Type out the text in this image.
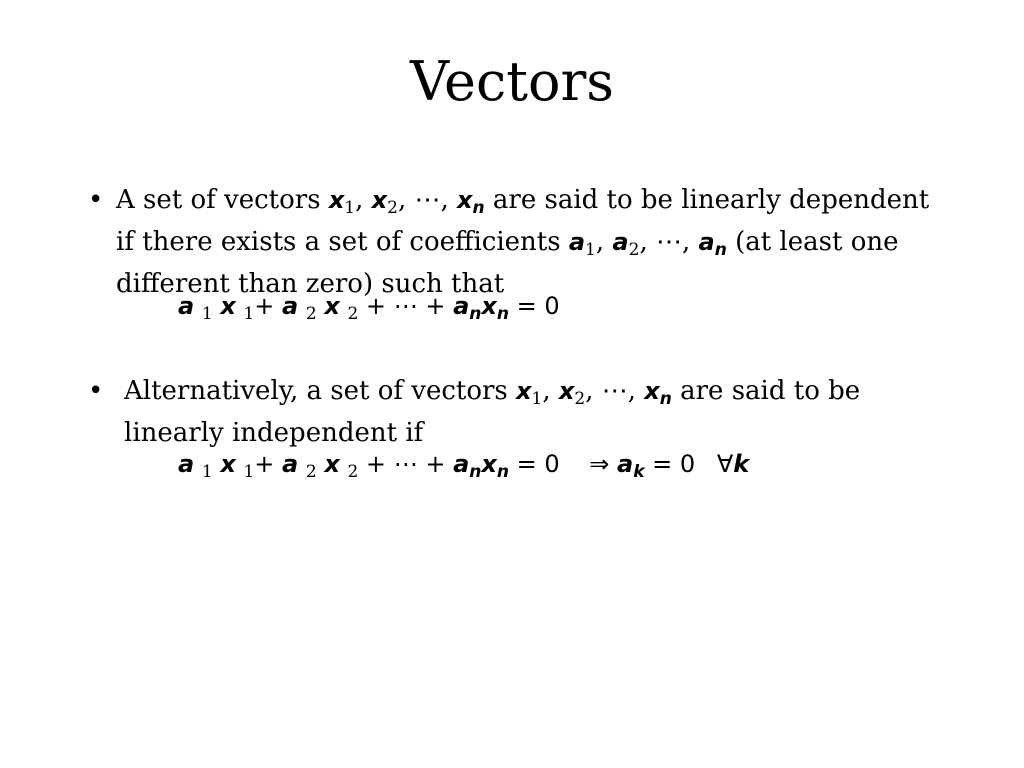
Vectors
• A set of vectors x1, x2, ⋯, xn are said to be linearly dependent
if there exists a set of coefficients a1, a2, ⋯, an (at least one
different than zero) such that
a $_1$ x $_1$+ a $_2$ x $_2$ + ⋯ + $a_nx_n = 0$
• Alternatively, a set of vectors x1, x2, ⋯, xn are said to be
linearly independent if
a $_1$ x $_1$+ a $_2$ x $_2$ + ⋯ + $a_nx_n = 0$ ⇒ $a_k = 0$ ∀k
